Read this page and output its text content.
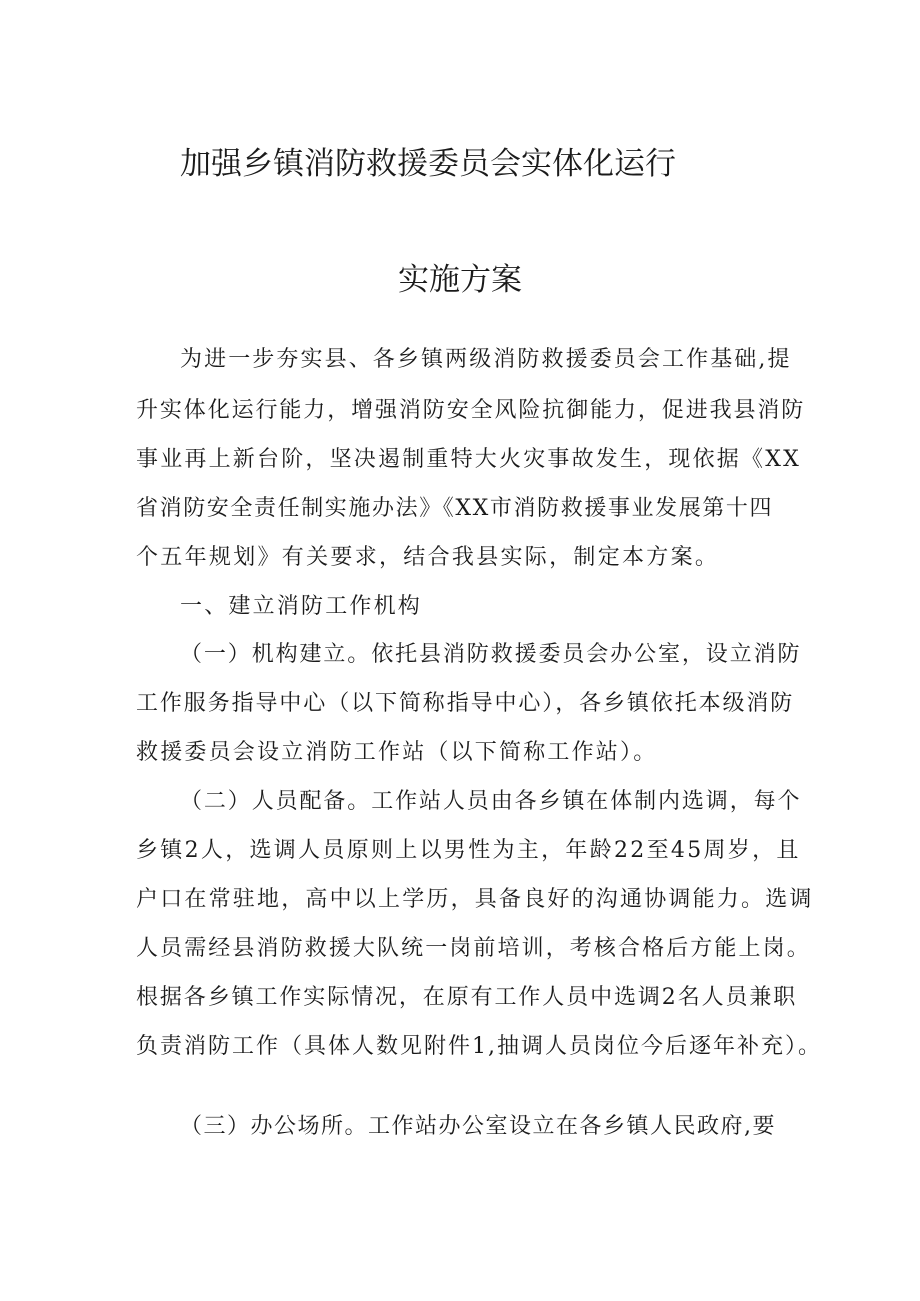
加强乡镇消防救援委员会实体化运行
实施方案
为进一步夯实县、各乡镇两级消防救援委员会工作基础,提
升实体化运行能力，增强消防安全风险抗御能力，促进我县消防
事业再上新台阶，坚决遏制重特大火灾事故发生，现依据《XX
省消防安全责任制实施办法》《XX市消防救援事业发展第十四
个五年规划》有关要求，结合我县实际，制定本方案。
一、建立消防工作机构
（一）机构建立。依托县消防救援委员会办公室，设立消防
工作服务指导中心（以下简称指导中心），各乡镇依托本级消防
救援委员会设立消防工作站（以下简称工作站）。
（二）人员配备。工作站人员由各乡镇在体制内选调，每个
乡镇2人，选调人员原则上以男性为主，年龄22至45周岁，且
户口在常驻地，高中以上学历，具备良好的沟通协调能力。选调
人员需经县消防救援大队统一岗前培训，考核合格后方能上岗。
根据各乡镇工作实际情况，在原有工作人员中选调2名人员兼职
负责消防工作（具体人数见附件1,抽调人员岗位今后逐年补充）。
（三）办公场所。工作站办公室设立在各乡镇人民政府,要
